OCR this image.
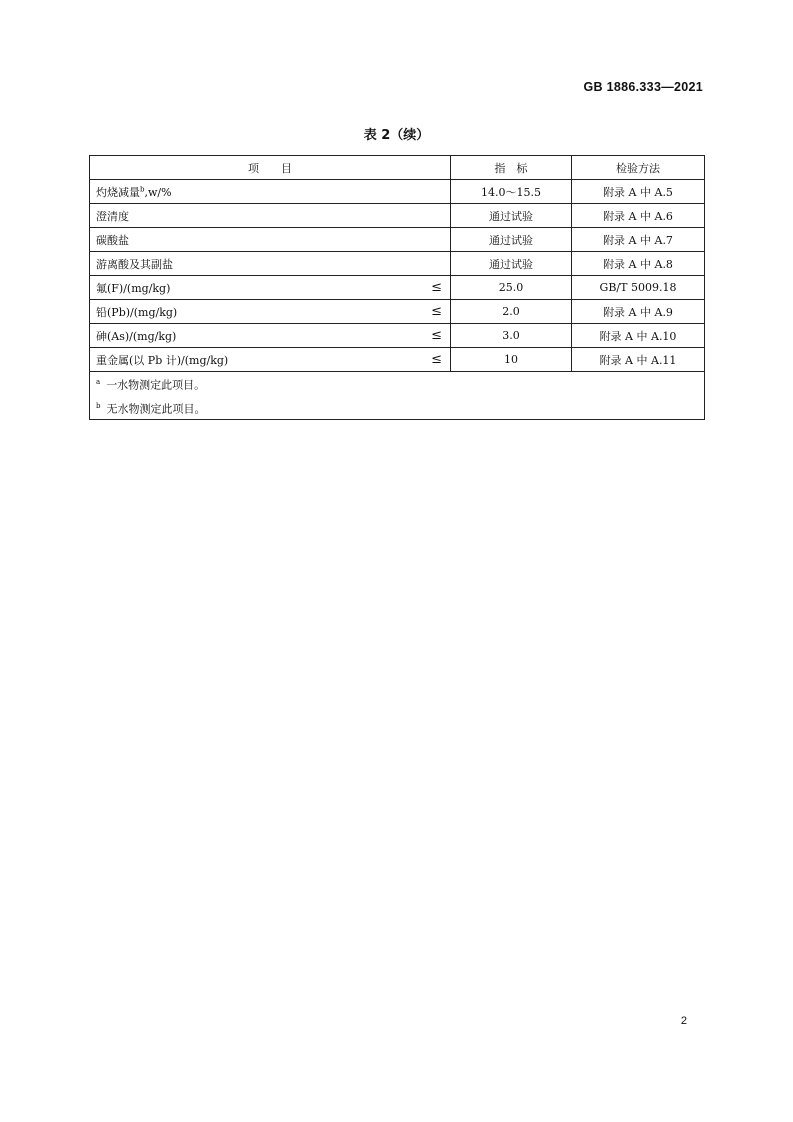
GB 1886.333—2021
表 2（续）
项　　目	指　标	检验方法

灼烧减量$^b$,w/%	14.0～15.5	附录 A 中 A.5

澄清度	通过试验	附录 A 中 A.6

碳酸盐	通过试验	附录 A 中 A.7

游离酸及其副盐	通过试验	附录 A 中 A.8

氟(F)/(mg/kg) ≤	25.0	GB/T 5009.18

铅(Pb)/(mg/kg) ≤	2.0	附录 A 中 A.9

砷(As)/(mg/kg) ≤	3.0	附录 A 中 A.10

重金属(以 Pb 计)/(mg/kg) ≤	10	附录 A 中 A.11

$^a$ 一水物测定此项目。
$^b$ 无水物测定此项目。		
2
